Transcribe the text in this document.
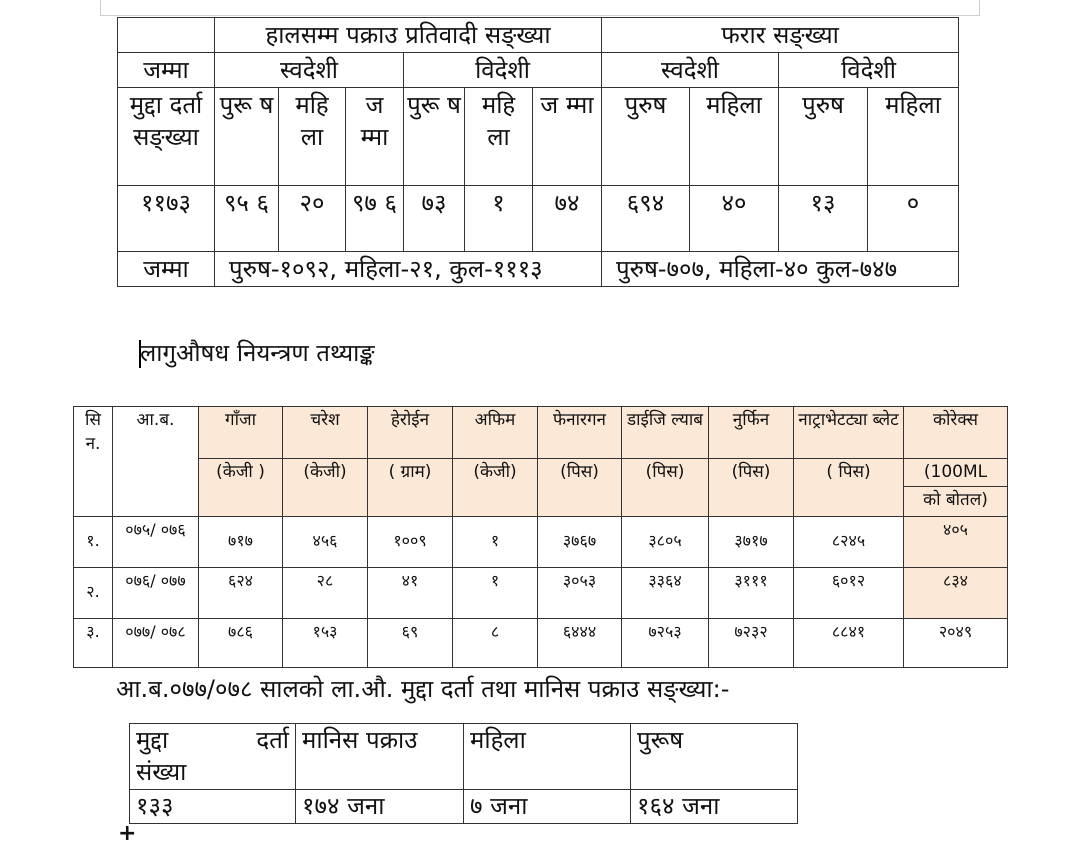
	हालसम्म पक्राउ प्रतिवादी सङ्ख्या						फरार सङ्ख्या			
जम्मा	स्वदेशी			विदेशी			स्वदेशी		विदेशी	
मुद्दा दर्ता सङ्ख्या	पुरू ष	महि ला	ज म्मा	पुरू ष	महि ला	ज म्मा	पुरुष	महिला	पुरुष	महिला
११७३	९५ ६	२०	९७ ६	७३	१	७४	६९४	४०	१३	०
जम्मा	पुरुष-१०९२, महिला-२१, कुल-१११३						पुरुष-७०७, महिला-४० कुल-७४७			
लागुऔषध नियन्त्रण तथ्याङ्क
सि न.	आ.ब.	गाँजा	चरेश	हेरोईन	अफिम	फेनारगन	डाईजि ल्याब	नुर्फिन	नाट्राभेटट्या ब्लेट	कोरेक्स
		(केजी )	(केजी)	( ग्राम)	(केजी)	(पिस)	(पिस)	(पिस)	( पिस)	(100ML
										को बोतल)
१.	०७५/ ०७६	७१७	४५६	१००९	१	३७६७	३८०५	३७१७	८२४५	४०५
२.	०७६/ ०७७	६२४	२८	४१	१	३०५३	३३६४	३१११	६०१२	८३४
३.	०७७/ ०७८	७८६	१५३	६९	८	६४४४	७२५३	७२३२	८८४१	२०४९
आ.ब.०७७/०७८ सालको ला.औ. मुद्दा दर्ता तथा मानिस पक्राउ सङ्ख्या:-
मुद्दा दर्ता
संख्या	मानिस पक्राउ	महिला	पुरूष
१३३	१७४ जना	७ जना	१६४ जना
+
